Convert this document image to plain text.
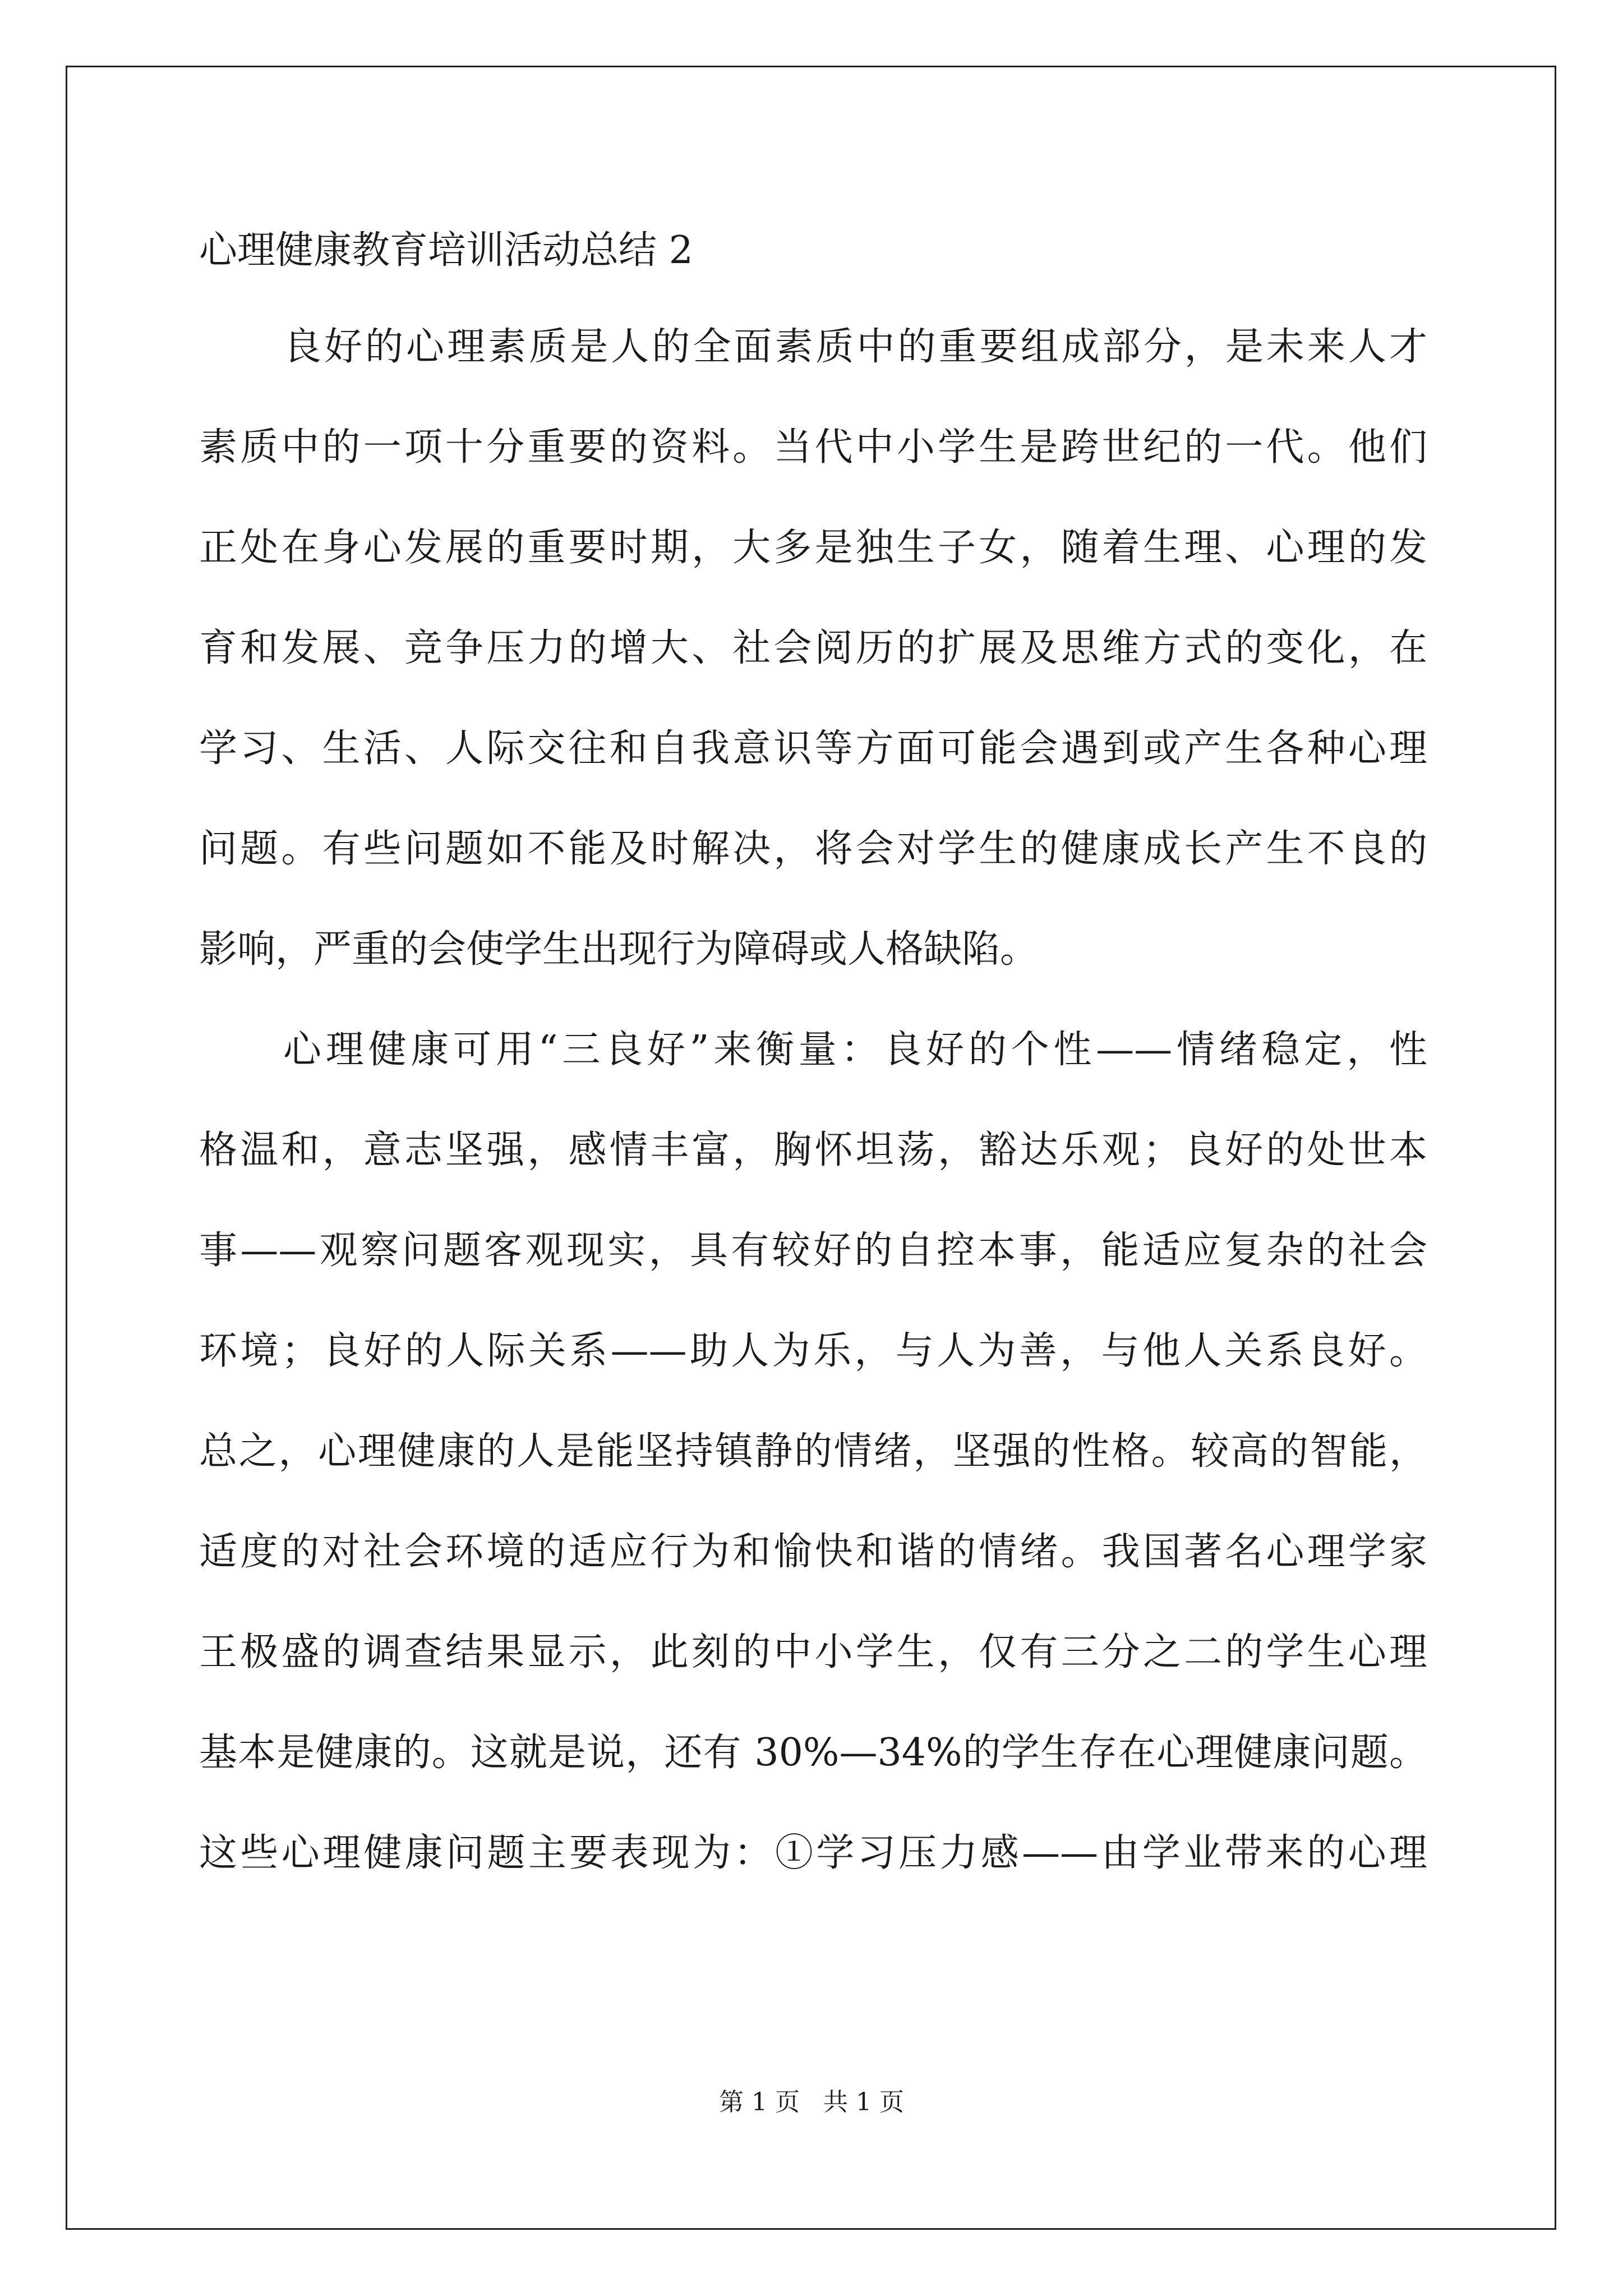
心理健康教育培训活动总结 2
良好的心理素质是人的全面素质中的重要组成部分，是未来人才
素质中的一项十分重要的资料。当代中小学生是跨世纪的一代。他们
正处在身心发展的重要时期，大多是独生子女，随着生理、心理的发
育和发展、竞争压力的增大、社会阅历的扩展及思维方式的变化，在
学习、生活、人际交往和自我意识等方面可能会遇到或产生各种心理
问题。有些问题如不能及时解决，将会对学生的健康成长产生不良的
影响，严重的会使学生出现行为障碍或人格缺陷。
心理健康可用“三良好”来衡量：良好的个性——情绪稳定，性
格温和，意志坚强，感情丰富，胸怀坦荡，豁达乐观；良好的处世本
事——观察问题客观现实，具有较好的自控本事，能适应复杂的社会
环境；良好的人际关系——助人为乐，与人为善，与他人关系良好。
总之，心理健康的人是能坚持镇静的情绪，坚强的性格。较高的智能，
适度的对社会环境的适应行为和愉快和谐的情绪。我国著名心理学家
王极盛的调查结果显示，此刻的中小学生，仅有三分之二的学生心理
基本是健康的。这就是说，还有 30%—34%的学生存在心理健康问题。
这些心理健康问题主要表现为：①学习压力感——由学业带来的心理
第 1 页   共 1 页
